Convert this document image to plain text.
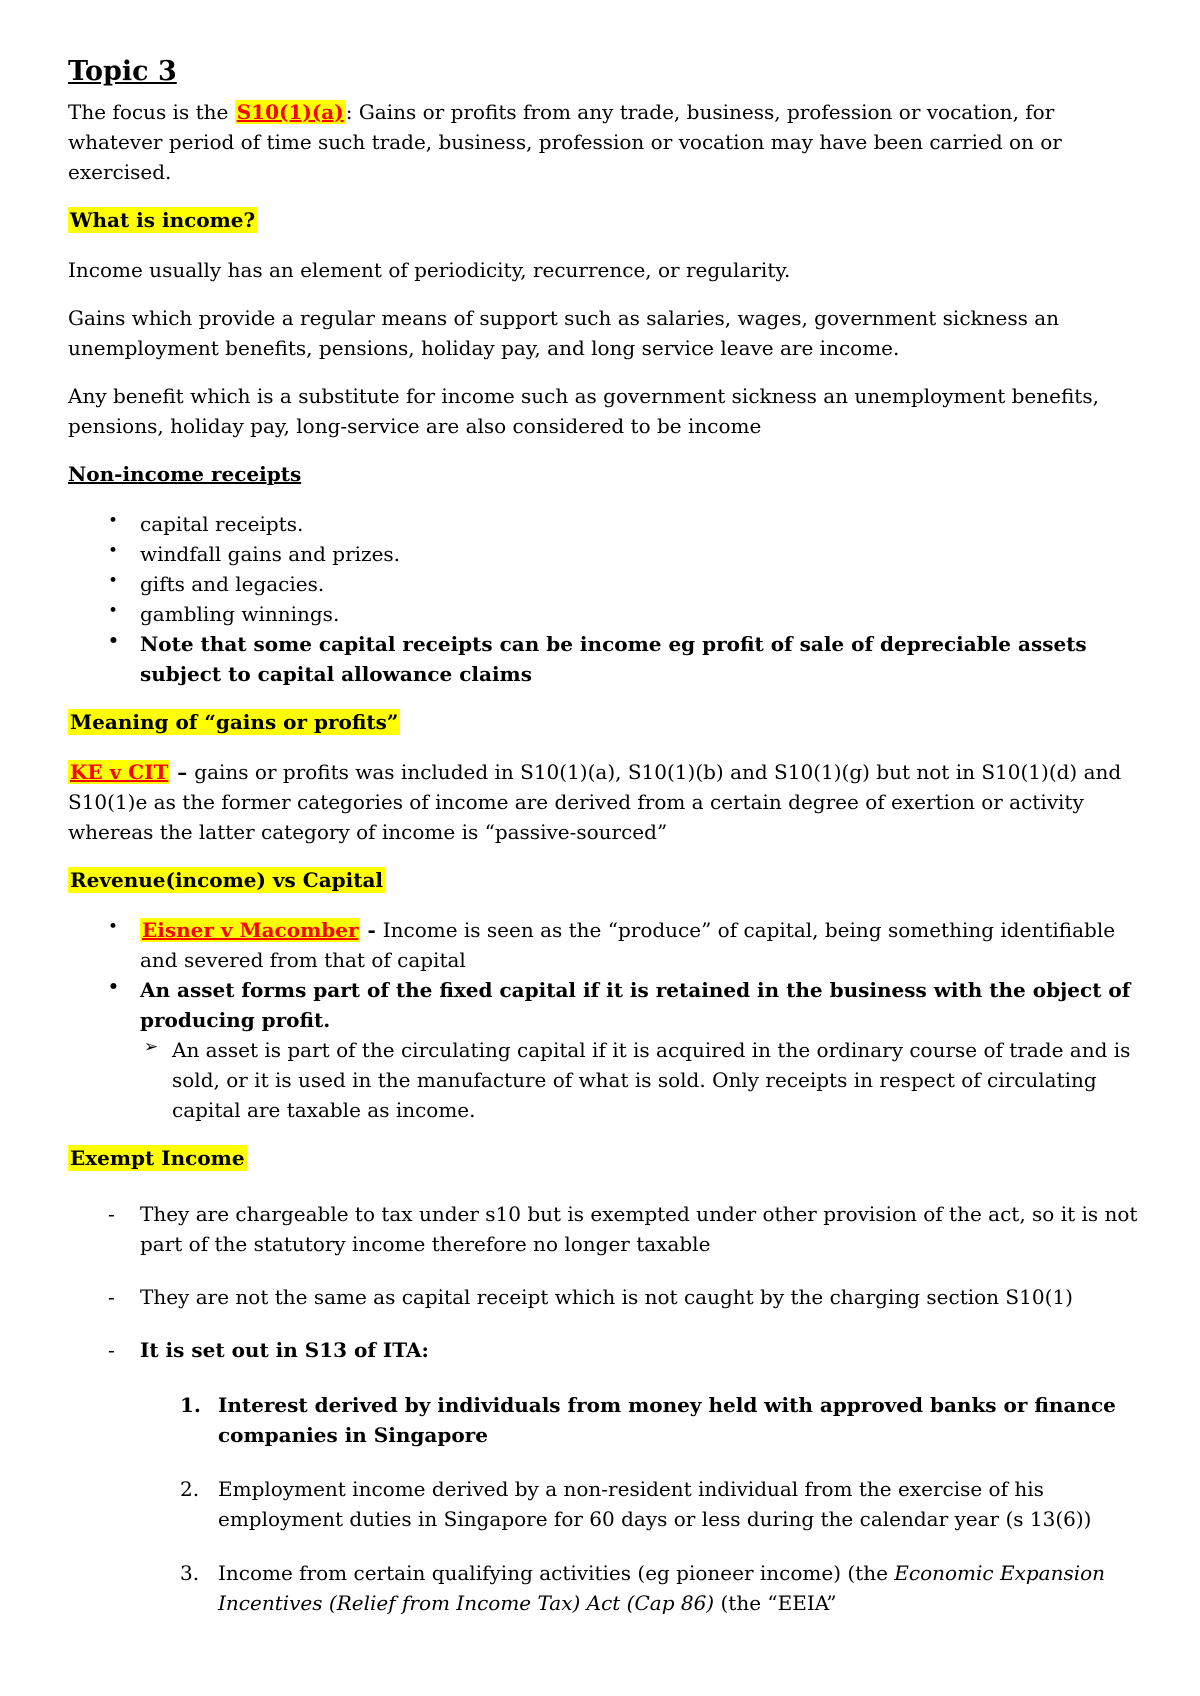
Topic 3

The focus is the S10(1)(a) : Gains or profits from any trade, business, profession or vocation, for whatever period of time such trade, business, profession or vocation may have been carried on or exercised.

What is income?

Income usually has an element of periodicity, recurrence, or regularity.

Gains which provide a regular means of support such as salaries, wages, government sickness an unemployment benefits, pensions, holiday pay, and long service leave are income.

Any benefit which is a substitute for income such as government sickness an unemployment benefits, pensions, holiday pay, long-service are also considered to be income

Non-income receipts
• capital receipts.
• windfall gains and prizes.
• gifts and legacies.
• gambling winnings.
• Note that some capital receipts can be income eg profit of sale of depreciable assets subject to capital allowance claims
Meaning of “gains or profits”

KE v CIT – gains or profits was included in S10(1)(a), S10(1)(b) and S10(1)(g) but not in S10(1)(d) and S10(1)e as the former categories of income are derived from a certain degree of exertion or activity whereas the latter category of income is “passive-sourced”

Revenue(income) vs Capital
• Eisner v Macomber - Income is seen as the “produce” of capital, being something identifiable and severed from that of capital
• An asset forms part of the fixed capital if it is retained in the business with the object of producing profit.
➢ An asset is part of the circulating capital if it is acquired in the ordinary course of trade and is sold, or it is used in the manufacture of what is sold. Only receipts in respect of circulating capital are taxable as income.
Exempt Income
- They are chargeable to tax under s10 but is exempted under other provision of the act, so it is not part of the statutory income therefore no longer taxable
- They are not the same as capital receipt which is not caught by the charging section S10(1)
- It is set out in S13 of ITA:
1. Interest derived by individuals from money held with approved banks or finance companies in Singapore
2. Employment income derived by a non-resident individual from the exercise of his employment duties in Singapore for 60 days or less during the calendar year (s 13(6))
3. Income from certain qualifying activities (eg pioneer income) (the Economic Expansion Incentives (Relief from Income Tax) Act (Cap 86) (the “EEIA”
